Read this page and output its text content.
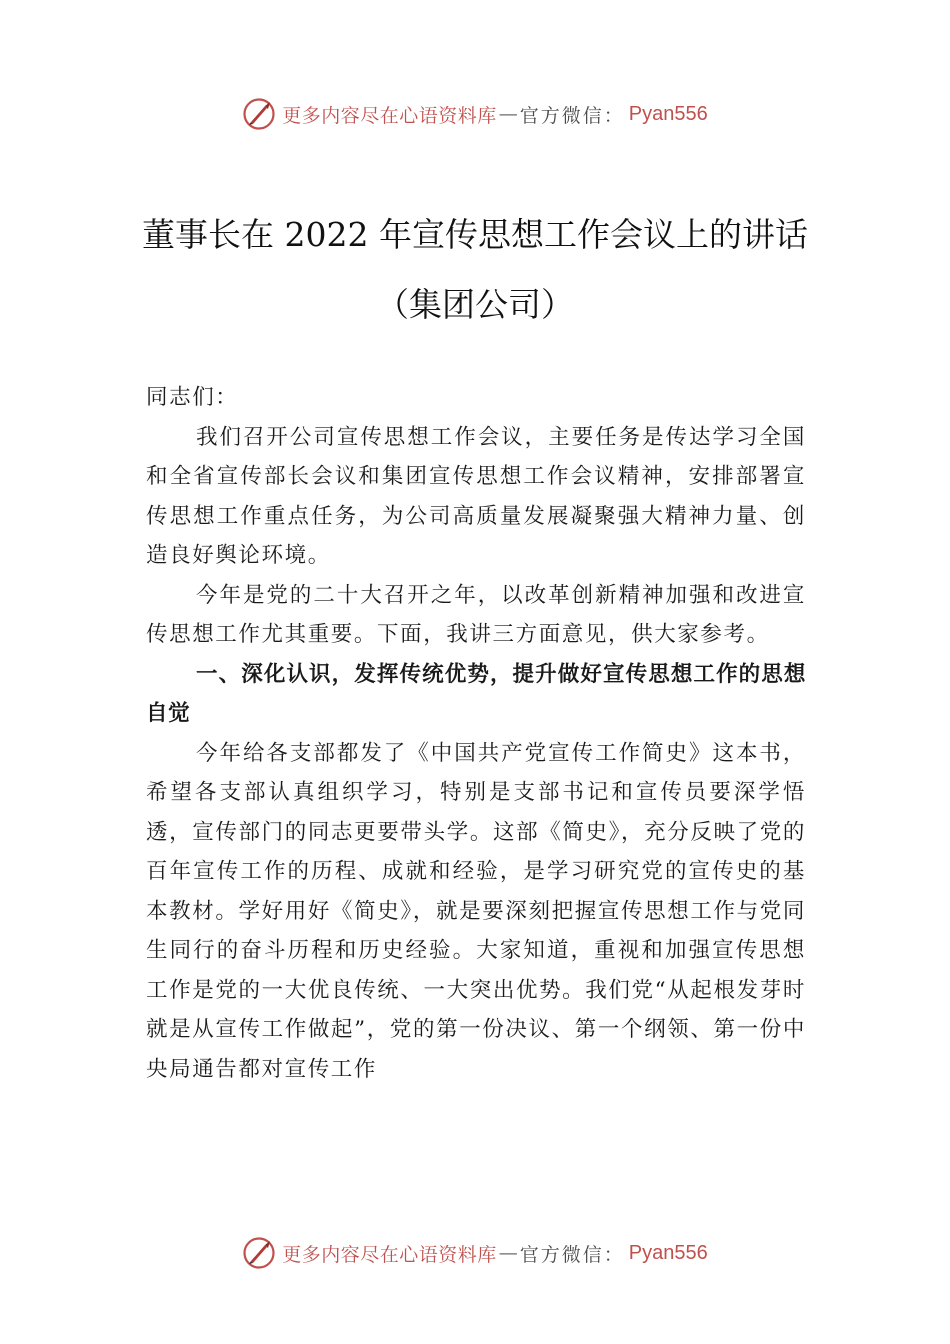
更多内容尽在心语资料库 — 官方微信： Pyan556
董事长在 2022 年宣传思想工作会议上的讲话（集团公司）

同志们：

我们召开公司宣传思想工作会议，主要任务是传达学习全国和全省宣传部长会议和集团宣传思想工作会议精神，安排部署宣传思想工作重点任务，为公司高质量发展凝聚强大精神力量、创造良好舆论环境。

今年是党的二十大召开之年，以改革创新精神加强和改进宣传思想工作尤其重要。下面，我讲三方面意见，供大家参考。

一、深化认识，发挥传统优势，提升做好宣传思想工作的思想自觉

今年给各支部都发了《中国共产党宣传工作简史》这本书，希望各支部认真组织学习，特别是支部书记和宣传员要深学悟透，宣传部门的同志更要带头学。这部《简史》，充分反映了党的百年宣传工作的历程、成就和经验，是学习研究党的宣传史的基本教材。学好用好《简史》，就是要深刻把握宣传思想工作与党同生同行的奋斗历程和历史经验。大家知道，重视和加强宣传思想工作是党的一大优良传统、一大突出优势。我们党“从起根发芽时就是从宣传工作做起”，党的第一份决议、第一个纲领、第一份中央局通告都对宣传工作

更多内容尽在心语资料库 — 官方微信： Pyan556
